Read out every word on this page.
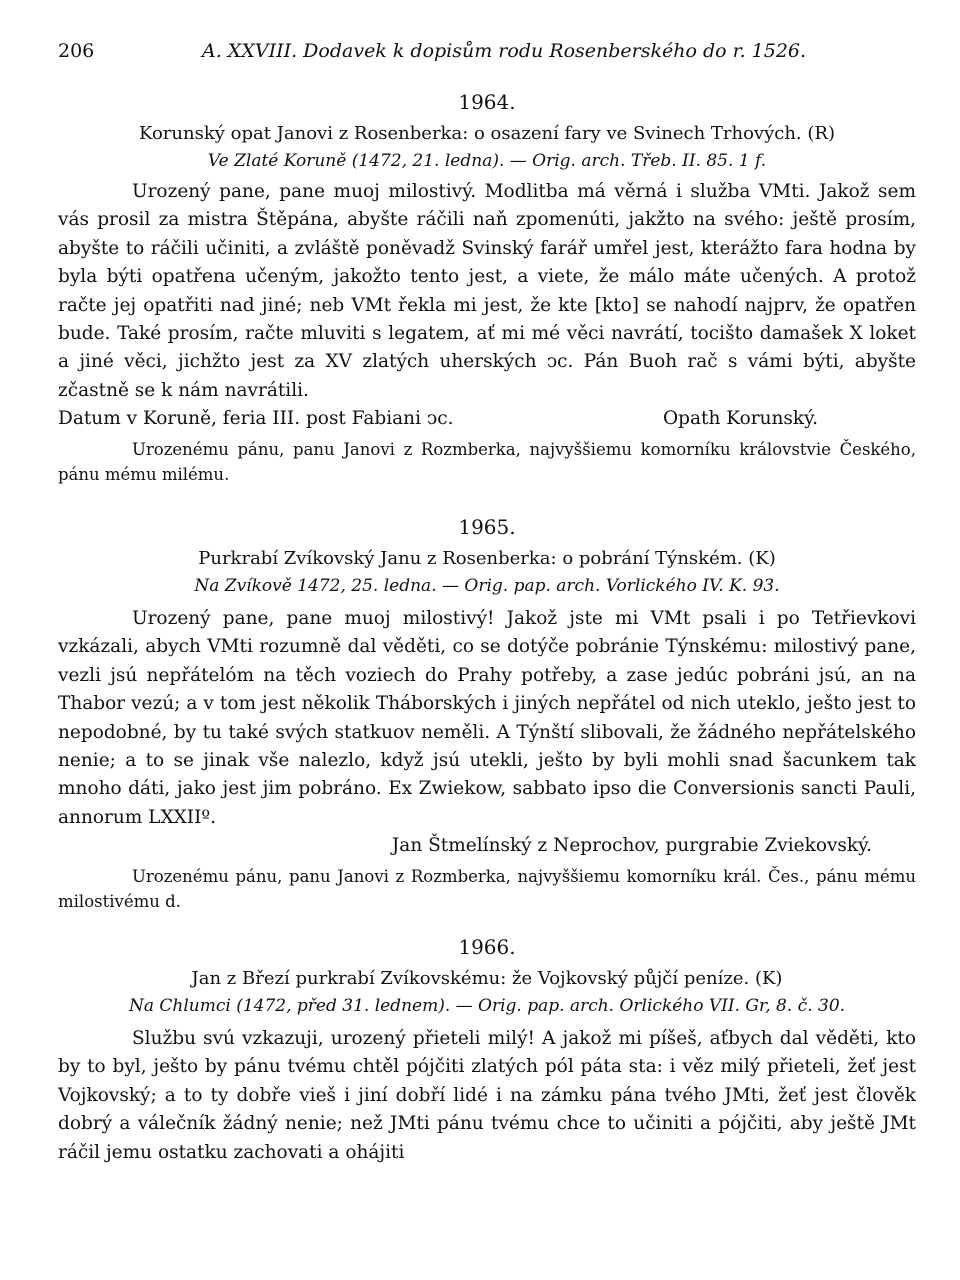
206	A. XXVIII. Dodavek k dopisům rodu Rosenberského do r. 1526.
1964.
Korunský opat Janovi z Rosenberka: o osazení fary ve Svinech Trhových. (R)
Ve Zlaté Koruně (1472, 21. ledna). — Orig. arch. Třeb. II. 85. 1 f.

Urozený pane, pane muoj milostivý. Modlitba má věrná i služba VMti. Jakož sem vás prosil za mistra Štěpána, abyšte ráčili naň zpomenúti, jakžto na svého: ještě prosím, abyšte to ráčili učiniti, a zvláště poněvadž Svinský farář umřel jest, kterážto fara hodna by byla býti opatřena učeným, jakožto tento jest, a viete, že málo máte učených. A protož račte jej opatřiti nad jiné; neb VMt řekla mi jest, že kte [kto] se nahodí najprv, že opatřen bude. Také prosím, račte mluviti s legatem, ať mi mé věci navrátí, tocišto damašek X loket a jiné věci, jichžto jest za XV zlatých uherských ͻc. Pán Buoh rač s vámi býti, abyšte zčastně se k nám navrátili.

Datum v Koruně, feria III. post Fabiani ͻc.	Opath Korunský.

Urozenému pánu, panu Janovi z Rozmberka, najvyššiemu komorníku královstvie Českého, pánu mému milému.

1965.
Purkrabí Zvíkovský Janu z Rosenberka: o pobrání Týnském. (K)
Na Zvíkově 1472, 25. ledna. — Orig. pap. arch. Vorlického IV. K. 93.

Urozený pane, pane muoj milostivý! Jakož jste mi VMt psali i po Tetřievkovi vzkázali, abych VMti rozumně dal věděti, co se dotýče pobránie Týnskému: milostivý pane, vezli jsú nepřátelóm na těch voziech do Prahy potřeby, a zase jedúc pobráni jsú, an na Thabor vezú; a v tom jest několik Tháborských i jiných nepřátel od nich uteklo, ješto jest to nepodobné, by tu také svých statkuov neměli. A Týnští slibovali, že žádného nepřátelského nenie; a to se jinak vše nalezlo, když jsú utekli, ješto by byli mohli snad šacunkem tak mnoho dáti, jako jest jim pobráno. Ex Zwiekow, sabbato ipso die Conversionis sancti Pauli, annorum LXXIIº.

Jan Štmelínský z Neprochov, purgrabie Zviekovský.

Urozenému pánu, panu Janovi z Rozmberka, najvyššiemu komorníku král. Čes., pánu mému milostivému d.

1966.
Jan z Březí purkrabí Zvíkovskému: že Vojkovský půjčí peníze. (K)
Na Chlumci (1472, před 31. lednem). — Orig. pap. arch. Orlického VII. Gr, 8. č. 30.

Službu svú vzkazuji, urozený přieteli milý! A jakož mi píšeš, aťbych dal věděti, kto by to byl, ješto by pánu tvému chtěl pójčiti zlatých pól páta sta: i věz milý přieteli, žeť jest Vojkovský; a to ty dobře vieš i jiní dobří lidé i na zámku pána tvého JMti, žeť jest člověk dobrý a válečník žádný nenie; než JMti pánu tvému chce to učiniti a pójčiti, aby ještě JMt ráčil jemu ostatku zachovati a ohájiti
